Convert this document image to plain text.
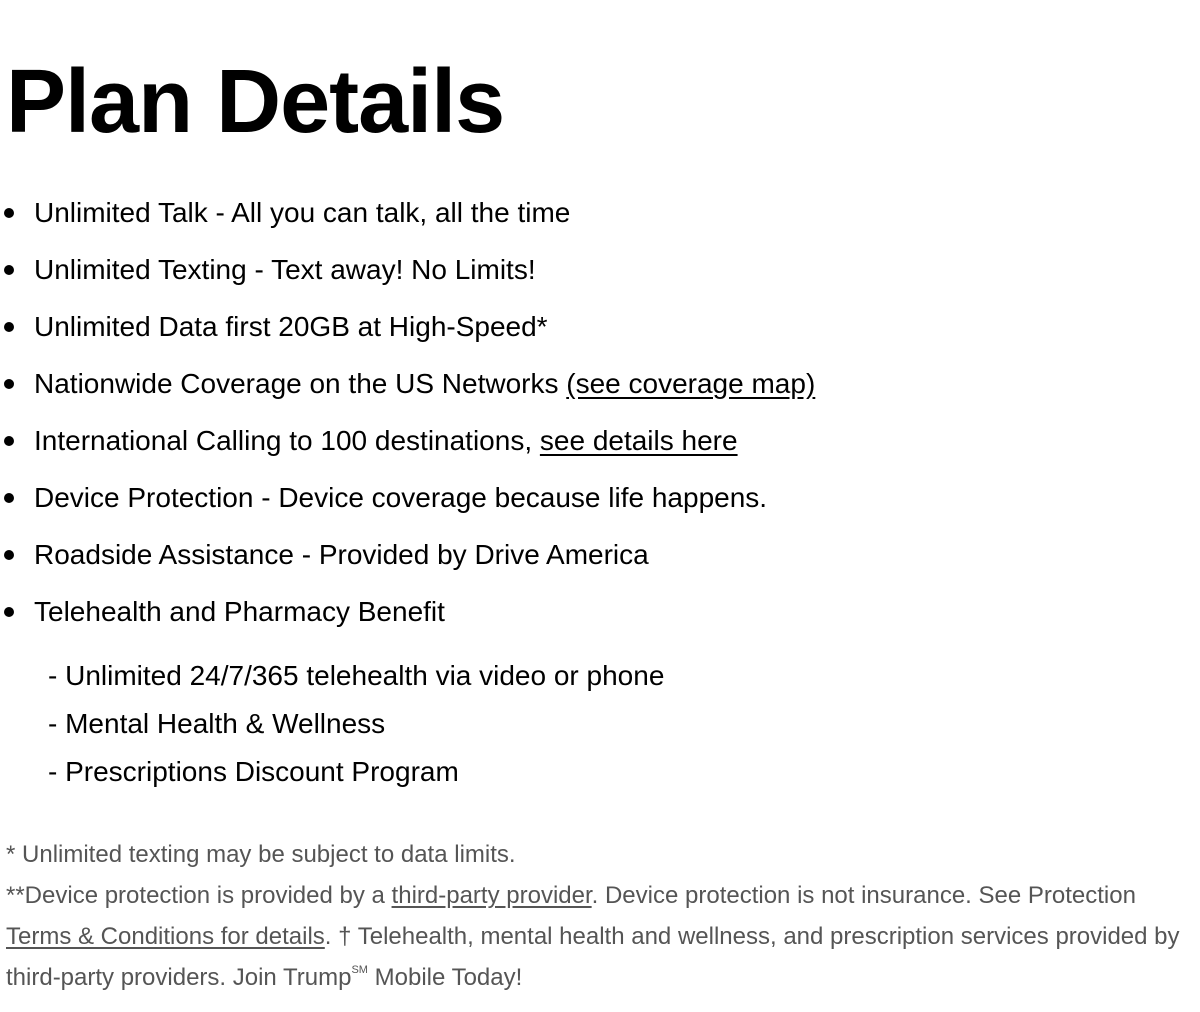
Plan Details
Unlimited Talk - All you can talk, all the time
Unlimited Texting - Text away! No Limits!
Unlimited Data first 20GB at High-Speed*
Nationwide Coverage on the US Networks (see coverage map)
International Calling to 100 destinations, see details here
Device Protection - Device coverage because life happens.
Roadside Assistance - Provided by Drive America
Telehealth and Pharmacy Benefit
- Unlimited 24/7/365 telehealth via video or phone
- Mental Health & Wellness
- Prescriptions Discount Program

* Unlimited texting may be subject to data limits.

**Device protection is provided by a third-party provider. Device protection is not insurance. See Protection Terms & Conditions for details. † Telehealth, mental health and wellness, and prescription services provided by third-party providers. Join Trump℠ Mobile Today!
